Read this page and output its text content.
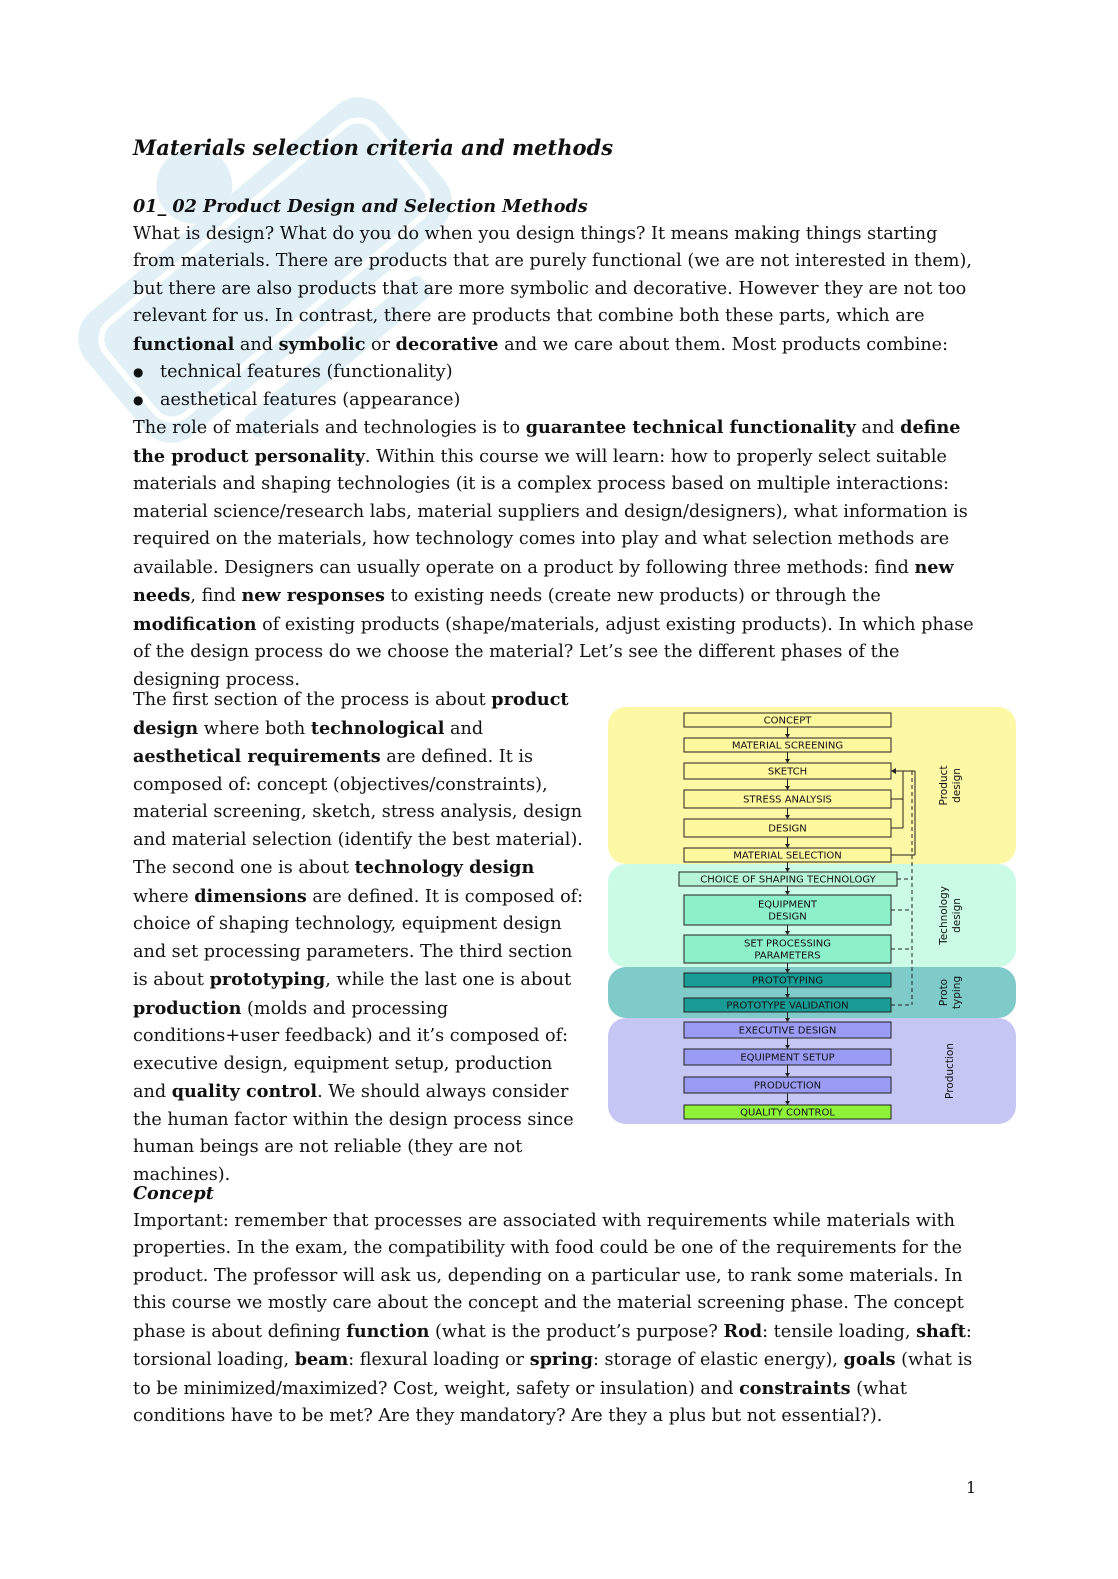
Materials selection criteria and methods
01_ 02 Product Design and Selection Methods

What is design? What do you do when you design things? It means making things starting from materials. There are products that are purely functional (we are not interested in them), but there are also products that are more symbolic and decorative. However they are not too relevant for us. In contrast, there are products that combine both these parts, which are functional and symbolic or decorative and we care about them. Most products combine:

● technical features (functionality)
● aesthetical features (appearance)

The role of materials and technologies is to guarantee technical functionality and define the product personality. Within this course we will learn: how to properly select suitable materials and shaping technologies (it is a complex process based on multiple interactions: material science/research labs, material suppliers and design/designers), what information is required on the materials, how technology comes into play and what selection methods are available. Designers can usually operate on a product by following three methods: find new needs, find new responses to existing needs (create new products) or through the modification of existing products (shape/materials, adjust existing products). In which phase of the design process do we choose the material? Let’s see the different phases of the designing process.

The first section of the process is about product design where both technological and aesthetical requirements are defined. It is composed of: concept (objectives/constraints), material screening, sketch, stress analysis, design and material selection (identify the best material). The second one is about technology design where dimensions are defined. It is composed of: choice of shaping technology, equipment design and set processing parameters. The third section is about prototyping, while the last one is about production (molds and processing conditions+user feedback) and it’s composed of: executive design, equipment setup, production and quality control. We should always consider the human factor within the design process since human beings are not reliable (they are not machines).

Productdesign
Technologydesign
Prototyping
Production
CONCEPT
MATERIAL SCREENING
SKETCH
STRESS ANALYSIS
DESIGN
MATERIAL SELECTION
CHOICE OF SHAPING TECHNOLOGY
EQUIPMENT DESIGN
SET PROCESSING PARAMETERS
PROTOTYPING
PROTOTYPE VALIDATION
EXECUTIVE DESIGN
EQUIPMENT SETUP
PRODUCTION
QUALITY CONTROL
Concept

Important: remember that processes are associated with requirements while materials with properties. In the exam, the compatibility with food could be one of the requirements for the product. The professor will ask us, depending on a particular use, to rank some materials. In this course we mostly care about the concept and the material screening phase. The concept phase is about defining function (what is the product’s purpose? Rod: tensile loading, shaft: torsional loading, beam: flexural loading or spring: storage of elastic energy), goals (what is to be minimized/maximized? Cost, weight, safety or insulation) and constraints (what conditions have to be met? Are they mandatory? Are they a plus but not essential?).

1
